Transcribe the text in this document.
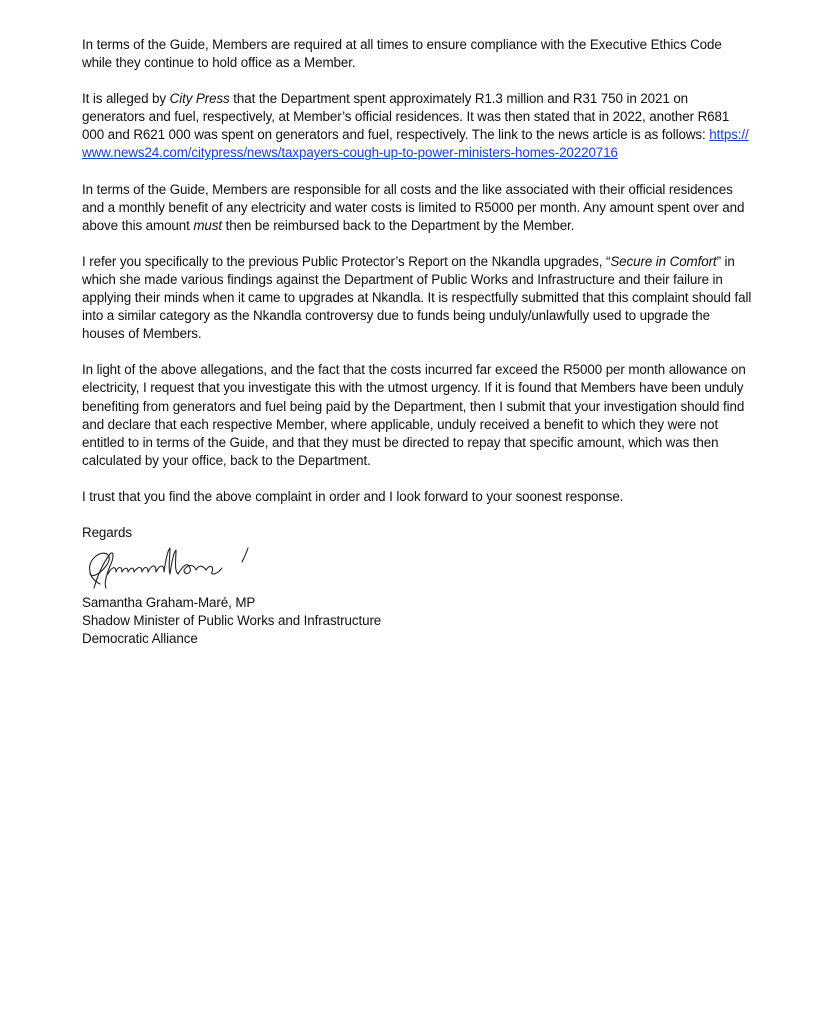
In terms of the Guide, Members are required at all times to ensure compliance with the Executive Ethics Code while they continue to hold office as a Member.

It is alleged by City Press that the Department spent approximately R1.3 million and R31 750 in 2021 on generators and fuel, respectively, at Member’s official residences. It was then stated that in 2022, another R681 000 and R621 000 was spent on generators and fuel, respectively. The link to the news article is as follows: https://www.news24.com/citypress/news/taxpayers-cough-up-to-power-ministers-homes-20220716

In terms of the Guide, Members are responsible for all costs and the like associated with their official residences and a monthly benefit of any electricity and water costs is limited to R5000 per month. Any amount spent over and above this amount must then be reimbursed back to the Department by the Member.

I refer you specifically to the previous Public Protector’s Report on the Nkandla upgrades, “Secure in Comfort” in which she made various findings against the Department of Public Works and Infrastructure and their failure in applying their minds when it came to upgrades at Nkandla. It is respectfully submitted that this complaint should fall into a similar category as the Nkandla controversy due to funds being unduly/unlawfully used to upgrade the houses of Members.

In light of the above allegations, and the fact that the costs incurred far exceed the R5000 per month allowance on electricity, I request that you investigate this with the utmost urgency. If it is found that Members have been unduly benefiting from generators and fuel being paid by the Department, then I submit that your investigation should find and declare that each respective Member, where applicable, unduly received a benefit to which they were not entitled to in terms of the Guide, and that they must be directed to repay that specific amount, which was then calculated by your office, back to the Department.

I trust that you find the above complaint in order and I look forward to your soonest response.

Regards

Samantha Graham-Maré, MP

Shadow Minister of Public Works and Infrastructure

Democratic Alliance
